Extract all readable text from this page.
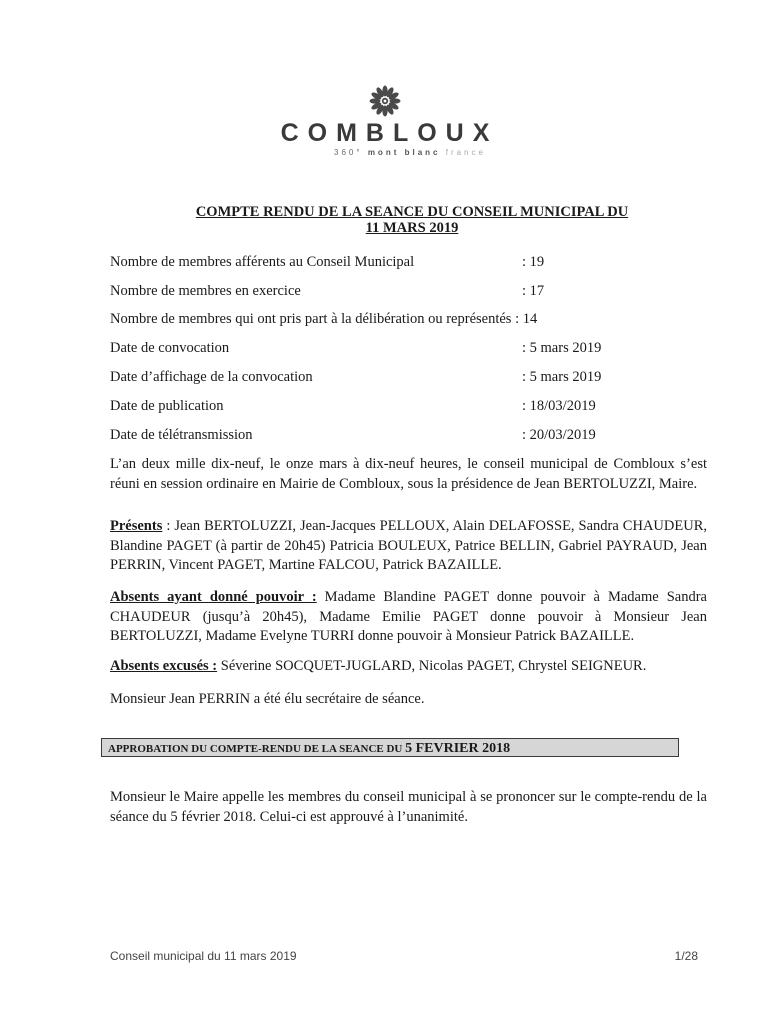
COMBLOUX
360° mont blanc france
COMPTE RENDU DE LA SEANCE DU CONSEIL MUNICIPAL DU
11 MARS 2019
Nombre de membres afférents au Conseil Municipal	: 19
Nombre de membres en exercice	: 17
Nombre de membres qui ont pris part à la délibération ou représentés : 14
Date de convocation	: 5 mars 2019
Date d’affichage de la convocation	: 5 mars 2019
Date de publication	: 18/03/2019
Date de télétransmission	: 20/03/2019
L’an deux mille dix-neuf, le onze mars à dix-neuf heures, le conseil municipal de Combloux s’est réuni en session ordinaire en Mairie de Combloux, sous la présidence de Jean BERTOLUZZI, Maire.
Présents : Jean BERTOLUZZI, Jean-Jacques PELLOUX, Alain DELAFOSSE, Sandra CHAUDEUR, Blandine PAGET (à partir de 20h45) Patricia BOULEUX, Patrice BELLIN, Gabriel PAYRAUD, Jean PERRIN, Vincent PAGET, Martine FALCOU, Patrick BAZAILLE.
Absents ayant donné pouvoir : Madame Blandine PAGET donne pouvoir à Madame Sandra CHAUDEUR (jusqu’à 20h45), Madame Emilie PAGET donne pouvoir à Monsieur Jean BERTOLUZZI, Madame Evelyne TURRI donne pouvoir à Monsieur Patrick BAZAILLE.
Absents excusés : Séverine SOCQUET-JUGLARD, Nicolas PAGET, Chrystel SEIGNEUR.
Monsieur Jean PERRIN a été élu secrétaire de séance.
APPROBATION DU COMPTE-RENDU DE LA SEANCE DU 5 FEVRIER 2018
Monsieur le Maire appelle les membres du conseil municipal à se prononcer sur le compte-rendu de la séance du 5 février 2018. Celui-ci est approuvé à l’unanimité.
Conseil municipal du 11 mars 2019	1/28
